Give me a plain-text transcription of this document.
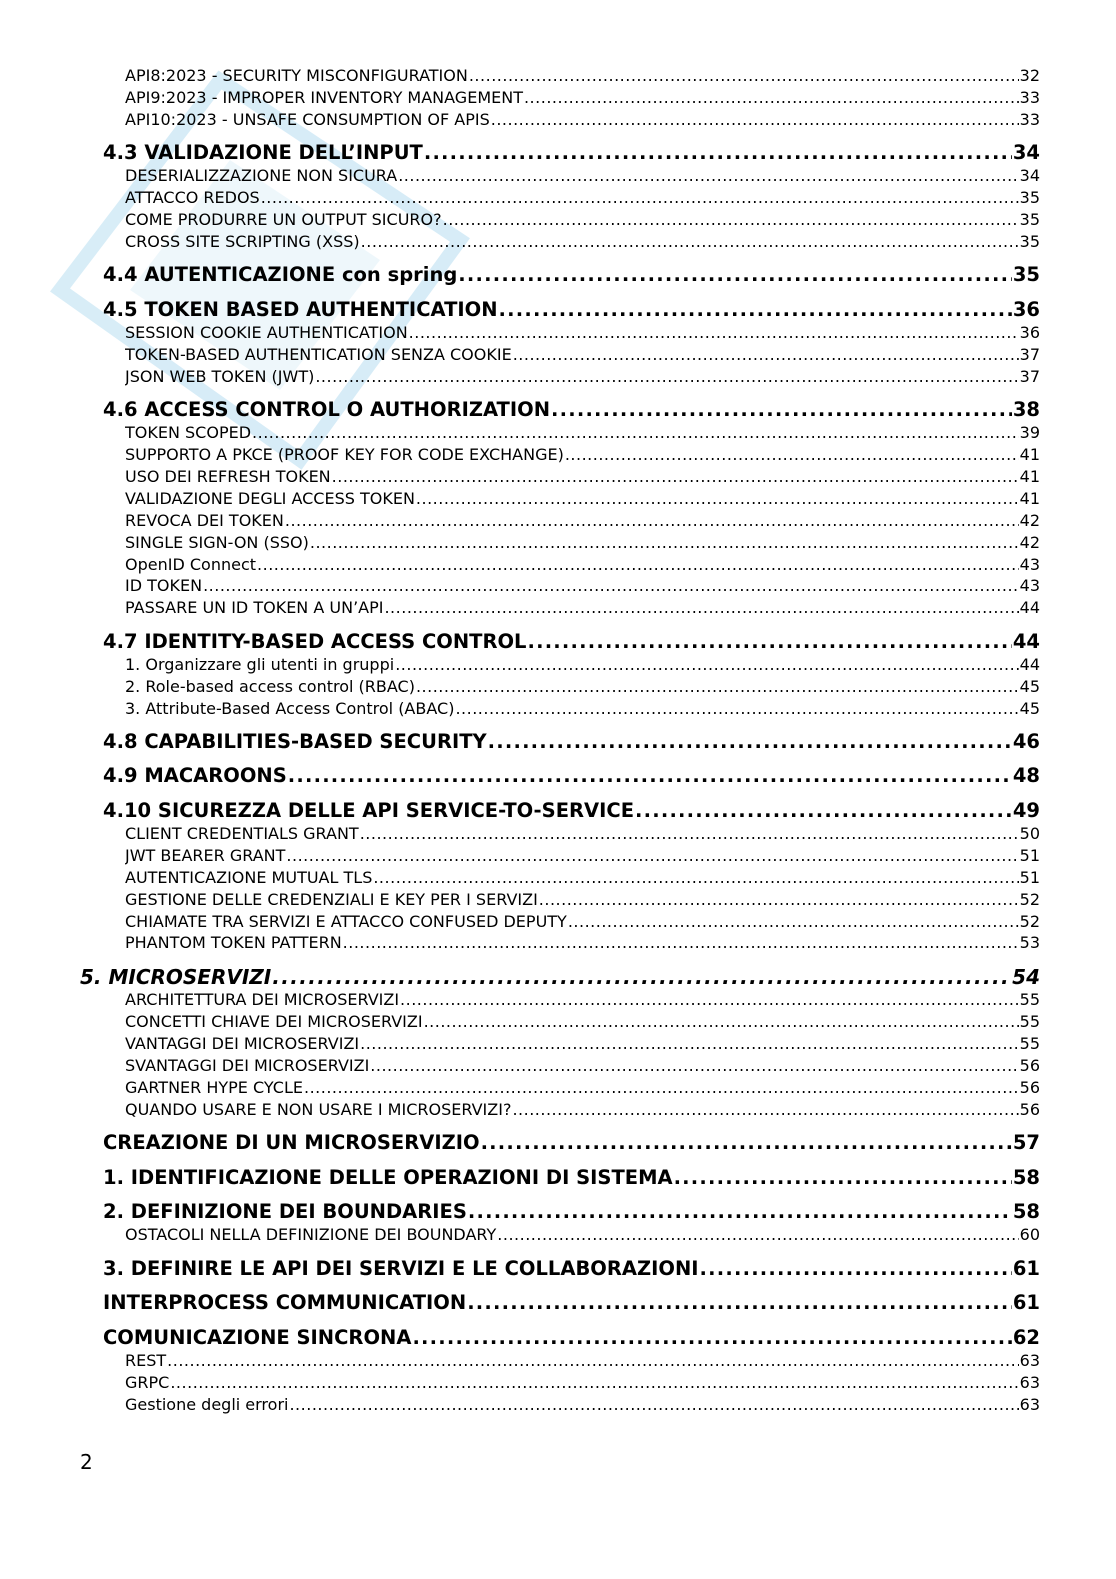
API8:2023 - SECURITY MISCONFIGURATION .....	32
API9:2023 - IMPROPER INVENTORY MANAGEMENT .....	33
API10:2023 - UNSAFE CONSUMPTION OF APIS .....	33
4.3 VALIDAZIONE DELL’INPUT .....	34
DESERIALIZZAZIONE NON SICURA .....	34
ATTACCO REDOS .....	35
COME PRODURRE UN OUTPUT SICURO? .....	35
CROSS SITE SCRIPTING (XSS) .....	35
4.4 AUTENTICAZIONE con spring .....	35
4.5 TOKEN BASED AUTHENTICATION .....	36
SESSION COOKIE AUTHENTICATION .....	36
TOKEN-BASED AUTHENTICATION SENZA COOKIE .....	37
JSON WEB TOKEN (JWT) .....	37
4.6 ACCESS CONTROL O AUTHORIZATION .....	38
TOKEN SCOPED .....	39
SUPPORTO A PKCE (PROOF KEY FOR CODE EXCHANGE) .....	41
USO DEI REFRESH TOKEN .....	41
VALIDAZIONE DEGLI ACCESS TOKEN .....	41
REVOCA DEI TOKEN .....	42
SINGLE SIGN-ON (SSO) .....	42
OpenID Connect .....	43
ID TOKEN .....	43
PASSARE UN ID TOKEN A UN’API .....	44
4.7 IDENTITY-BASED ACCESS CONTROL .....	44
1. Organizzare gli utenti in gruppi .....	44
2. Role-based access control (RBAC) .....	45
3. Attribute-Based Access Control (ABAC) .....	45
4.8 CAPABILITIES-BASED SECURITY .....	46
4.9 MACAROONS .....	48
4.10 SICUREZZA DELLE API SERVICE-TO-SERVICE .....	49
CLIENT CREDENTIALS GRANT .....	50
JWT BEARER GRANT .....	51
AUTENTICAZIONE MUTUAL TLS .....	51
GESTIONE DELLE CREDENZIALI E KEY PER I SERVIZI .....	52
CHIAMATE TRA SERVIZI E ATTACCO CONFUSED DEPUTY .....	52
PHANTOM TOKEN PATTERN .....	53
5. MICROSERVIZI .....	54
ARCHITETTURA DEI MICROSERVIZI .....	55
CONCETTI CHIAVE DEI MICROSERVIZI .....	55
VANTAGGI DEI MICROSERVIZI .....	55
SVANTAGGI DEI MICROSERVIZI .....	56
GARTNER HYPE CYCLE .....	56
QUANDO USARE E NON USARE I MICROSERVIZI? .....	56
CREAZIONE DI UN MICROSERVIZIO .....	57
1. IDENTIFICAZIONE DELLE OPERAZIONI DI SISTEMA .....	58
2. DEFINIZIONE DEI BOUNDARIES .....	58
OSTACOLI NELLA DEFINIZIONE DEI BOUNDARY .....	60
3. DEFINIRE LE API DEI SERVIZI E LE COLLABORAZIONI .....	61
INTERPROCESS COMMUNICATION .....	61
COMUNICAZIONE SINCRONA .....	62
REST .....	63
GRPC .....	63
Gestione degli errori .....	63
2
